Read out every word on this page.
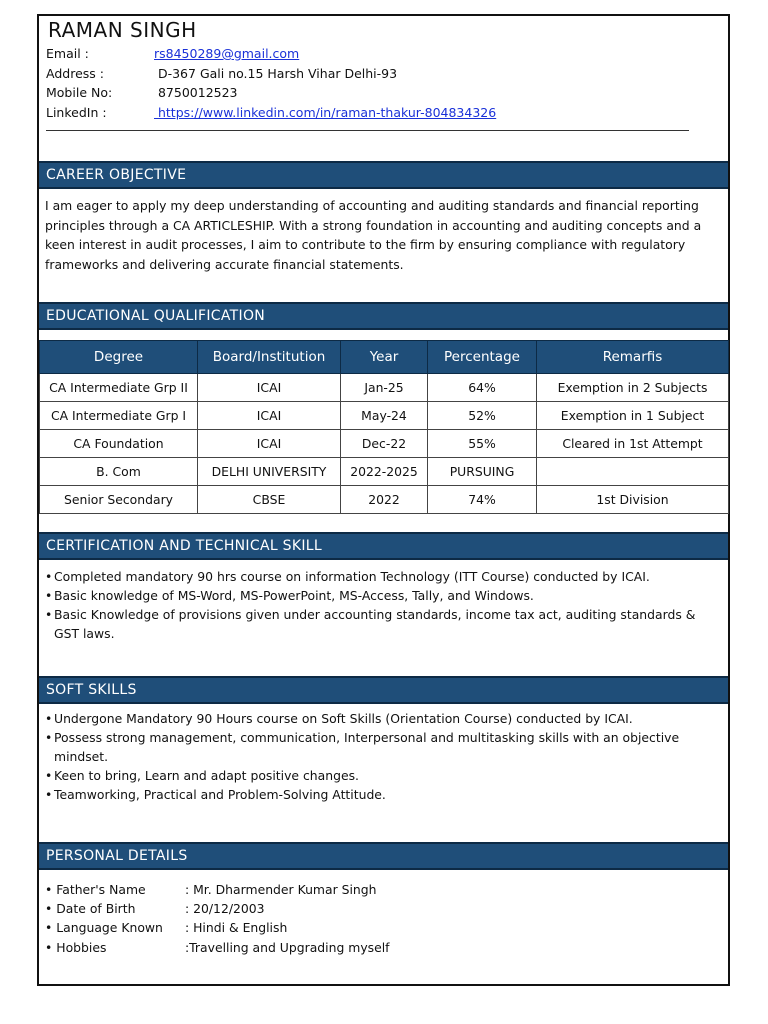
RAMAN SINGH
Email :	rs8450289@gmail.com
Address :	D-367 Gali no.15 Harsh Vihar Delhi-93
Mobile No:	8750012523
LinkedIn :	https://www.linkedin.com/in/raman-thakur-804834326
CAREER OBJECTIVE
I am eager to apply my deep understanding of accounting and auditing standards and financial reporting principles through a CA ARTICLESHIP. With a strong foundation in accounting and auditing concepts and a keen interest in audit processes, I aim to contribute to the firm by ensuring compliance with regulatory frameworks and delivering accurate financial statements.
EDUCATIONAL QUALIFICATION
Degree	Board/Institution	Year	Percentage	Remarfis
CA Intermediate Grp II	ICAI	Jan-25	64%	Exemption in 2 Subjects
CA Intermediate Grp I	ICAI	May-24	52%	Exemption in 1 Subject
CA Foundation	ICAI	Dec-22	55%	Cleared in 1st Attempt
B. Com	DELHI UNIVERSITY	2022-2025	PURSUING	
Senior Secondary	CBSE	2022	74%	1st Division
CERTIFICATION AND TECHNICAL SKILL
• Completed mandatory 90 hrs course on information Technology (ITT Course) conducted by ICAI.
• Basic knowledge of MS-Word, MS-PowerPoint, MS-Access, Tally, and Windows.
• Basic Knowledge of provisions given under accounting standards, income tax act, auditing standards & GST laws.
SOFT SKILLS
• Undergone Mandatory 90 Hours course on Soft Skills (Orientation Course) conducted by ICAI.
• Possess strong management, communication, Interpersonal and multitasking skills with an objective mindset.
• Keen to bring, Learn and adapt positive changes.
• Teamworking, Practical and Problem-Solving Attitude.
PERSONAL DETAILS
• Father's Name	: Mr. Dharmender Kumar Singh
• Date of Birth	: 20/12/2003
• Language Known : Hindi & English
• Hobbies	:Travelling and Upgrading myself
